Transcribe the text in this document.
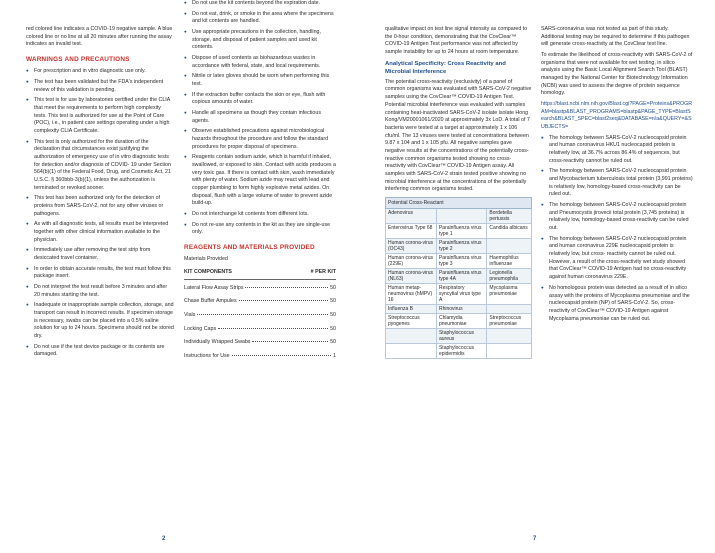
red colored line indicates a COVID-19 negative sample. A blue colored line or no line at all 20 minutes after running the assay indicates an invalid test.

WARNINGS AND PRECAUTIONS
● For prescription and in vitro diagnostic use only.
● The test has been validated but the FDA's independent review of this validation is pending.
● This test is for use by laboratories certified under the CLIA that meet the requirements to perform high complexity tests. This test is authorized for use at the Point of Care (POC), i.e., in patient care settings operating under a high complexity CLIA Certificate.
● This test is only authorized for the duration of the declaration that circumstances exist justifying the authorization of emergency use of in vitro diagnostic tests for detection and/or diagnosis of COVID- 19 under Section 564(b)(1) of the Federal Food, Drug, and Cosmetic Act, 21 U.S.C. § 360bbb-3(b)(1), unless the authorization is terminated or revoked sooner.
● This test has been authorized only for the detection of proteins from SARS-CoV-2, not for any other viruses or pathogens.
● As with all diagnostic tests, all results must be interpreted together with other clinical information available to the physician.
● Immediately use after removing the test strip from desiccated travel container.
● In order to obtain accurate results, the test must follow this package insert.
● Do not interpret the test result before 3 minutes and after 20 minutes starting the test.
● Inadequate or inappropriate sample collection, storage, and transport can result in incorrect results. If specimen storage is necessary, swabs can be placed into a 0.5% saline solution for up to 24 hours. Specimens should not be stored dry.
● Do not use if the test device package or its contents are damaged.
● Do not use the kit contents beyond the expiration date.
● Do not eat, drink, or smoke in the area where the specimens and kit contents are handled.
● Use appropriate precautions in the collection, handling, storage, and disposal of patient samples and used kit contents.
● Dispose of used contents as biohazardous wastes in accordance with federal, state, and local requirements.
● Nitrile or latex gloves should be worn when performing this test.
● If the extraction buffer contacts the skin or eye, flush with copious amounts of water.
● Handle all specimens as though they contain infectious agents.
● Observe established precautions against microbiological hazards throughout the procedure and follow the standard procedures for proper disposal of specimens.
● Reagents contain sodium azide, which is harmful if inhaled, swallowed, or exposed to skin. Contact with acids produces a very toxic gas. If there is contact with skin, wash immediately with plenty of water. Sodium azide may react with lead and copper plumbing to form highly explosive metal azides. On disposal, flush with a large volume of water to prevent azide build-up.
● Do not interchange kit contents from different lots.
● Do not re-use any contents in the kit as they are single-use only.
REAGENTS AND MATERIALS PROVIDED

Materials Provided

KIT COMPONENTS	# PER KIT
Lateral Flow Assay Strips	50
Chase Buffer Ampules	50
Vials	50
Locking Caps	50
Individually Wrapped Swabs	50
Instructions for Use	1
2

qualitative impact on test line signal intensity as compared to the 0-hour condition, demonstrating that the CovClear™ COVID-19 Antigen Test performance was not affected by sample instability for up to 24 hours at room temperature.

Analytical Specificity: Cross Reactivity and Microbial Interference

The potential cross-reactivity (exclusivity) of a panel of common organisms was evaluated with SARS-CoV-2 negative samples using the CovClear™ COVID-19 Antigen Test. Potential microbial interference was evaluated with samples containing heat-inactivated SARS-CoV-2 isolate isolate Hong Kong/VM20001061/2020 at approximately 3x LoD. A total of 7 bacteria were tested at a target at approximately 1 x 106 cfu/ml. The 13 viruses were tested at concentrations between 9.87 x 104 and 1 x 105 pfu. All negative samples gave negative results at the concentrations of the potentially cross-reactive common organisms tested showing no cross-reactivity with CovClear™ COVID-19 Antigen assay. All samples with SARS-CoV-2 strain tested positive showing no microbial interference at the concentrations of the potentially interfering common organisms tested.

Potential Cross-Reactant		
Adenovirus		Bordetella pertussis
Enterovirus Type 68	Parainfluenza virus type 1	Candida albicans
Human corona-virus (OC43)	Parainfluenza virus type 2	
Human corona-virus (229E)	Parainfluenza virus type 3	Haemophilus influenzae
Human corona-virus (NL63)	Parainfluenza virus type 4A	Legionella pneumophila
Human metap-neumovirus (hMPV) 16	Respiratory syncytial virus type A	Mycoplasma pneumoniae
Influenza B	Rhinovirus	
Streptococcus pyogenes	Chlamydia pneumoniae	Streptococcus pneumoniae
	Staphylococcus aureus	
	Staphylococcus epidermidis	

SARS-coronavirus was not tested as part of this study. Additional testing may be required to determine if this pathogen will generate cross-reactivity at the CovClear test line.

To estimate the likelihood of cross-reactivity with SARS-CoV-2 of organisms that were not available for wet testing, in silico analysis using the Basic Local Alignment Search Tool (BLAST) managed by the National Center for Biotechnology Information (NCBI) was used to assess the degree of protein sequence homology.

https://blast.ncbi.nlm.nih.gov/Blast.cgi?PAGE=Proteins&PROGRAM=blastp&BLAST_PROGRAMS=blastp&PAGE_TYPE=BlastSearch&BLAST_SPEC=blast2seq&DATABASE=n/a&QUERY=&SUBJECTS=

● The homology between SARS-CoV-2 nucleocapsid protein and human coronavirus HKU1 nucleocapsid protein is relatively low, at 36.7% across 86.4% of sequences, but cross-reactivity cannot be ruled out.
● The homology between SARS-CoV-2 nucleocapsid protein and Mycobacterium tuberculosis total protein (3,991 proteins) is relatively low, homology-based cross-reactivity can be ruled out.
● The homology between SARS-CoV-2 nucleocapsid protein and Pneumocystis jirovecii total protein (3,745 proteins) is relatively low, homology-based cross-reactivity can be ruled out.
● The homology between SARS-CoV-2 nucleocapsid protein and human coronavirus 229E nucleocapsid protein is relatively low, but cross- reactivity cannot be ruled out. However, a result of the cross-reactivity wet study showed that CovClear™ COVID-19 Antigen had no cross-reactivity against human coronavirus 229E.
● No homologous protein was detected as a result of in silico assay with the proteins of Mycoplasma pneumoniae and the nucleocapsid protein (NP) of SARS-CoV-2. So, cross-reactivity of CovClear™ COVID-19 Antigen against Mycoplasma pneumoniae can be ruled out.
7
